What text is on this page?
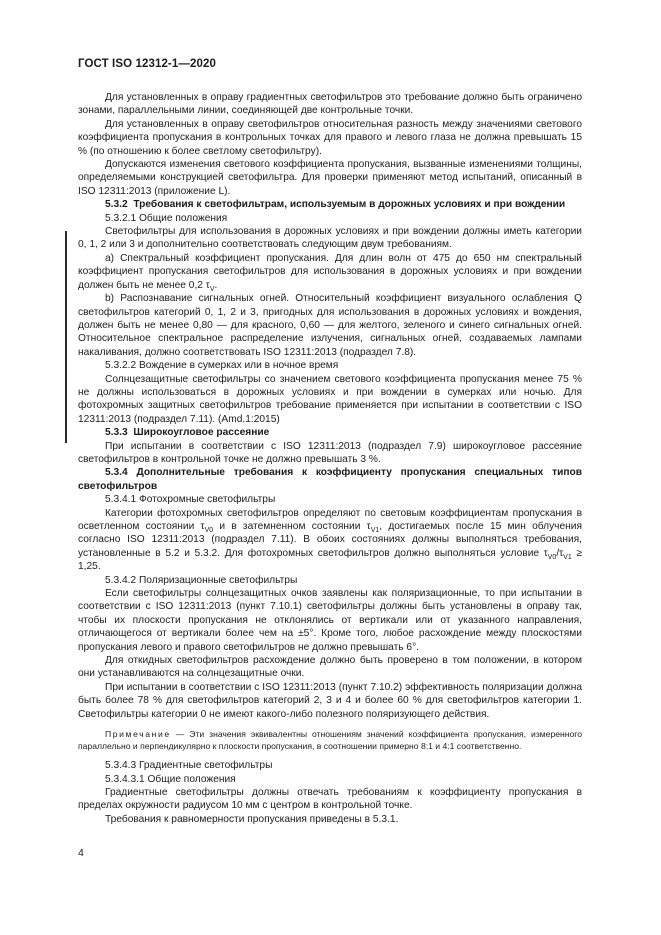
ГОСТ ISO 12312-1—2020

Для установленных в оправу градиентных светофильтров это требование должно быть ограничено зонами, параллельными линии, соединяющей две контрольные точки.

Для установленных в оправу светофильтров относительная разность между значениями светового коэффициента пропускания в контрольных точках для правого и левого глаза не должна превышать 15 % (по отношению к более светлому светофильтру).

Допускаются изменения светового коэффициента пропускания, вызванные изменениями толщины, определяемыми конструкцией светофильтра. Для проверки применяют метод испытаний, описанный в ISO 12311:2013 (приложение L).

5.3.2 Требования к светофильтрам, используемым в дорожных условиях и при вождении

5.3.2.1 Общие положения

Светофильтры для использования в дорожных условиях и при вождении должны иметь категории 0, 1, 2 или 3 и дополнительно соответствовать следующим двум требованиям.

a) Спектральный коэффициент пропускания. Для длин волн от 475 до 650 нм спектральный коэффициент пропускания светофильтров для использования в дорожных условиях и при вождении должен быть не менее 0,2 $\tau_V$.

b) Распознавание сигнальных огней. Относительный коэффициент визуального ослабления Q светофильтров категорий 0, 1, 2 и 3, пригодных для использования в дорожных условиях и вождения, должен быть не менее 0,80 — для красного, 0,60 — для желтого, зеленого и синего сигнальных огней. Относительное спектральное распределение излучения, сигнальных огней, создаваемых лампами накаливания, должно соответствовать ISO 12311:2013 (подраздел 7.8).

5.3.2.2 Вождение в сумерках или в ночное время

Солнцезащитные светофильтры со значением светового коэффициента пропускания менее 75 % не должны использоваться в дорожных условиях и при вождении в сумерках или ночью. Для фотохромных защитных светофильтров требование применяется при испытании в соответствии с ISO 12311:2013 (подраздел 7.11). (Amd.1:2015)

5.3.3 Широкоугловое рассеяние

При испытании в соответствии с ISO 12311:2013 (подраздел 7.9) широкоугловое рассеяние светофильтров в контрольной точке не должно превышать 3 %.

5.3.4 Дополнительные требования к коэффициенту пропускания специальных типов светофильтров

5.3.4.1 Фотохромные светофильтры

Категории фотохромных светофильтров определяют по световым коэффициентам пропускания в осветленном состоянии $\tau_{V0}$ и в затемненном состоянии $\tau_{V1}$, достигаемых после 15 мин облучения согласно ISO 12311:2013 (подраздел 7.11). В обоих состояниях должны выполняться требования, установленные в 5.2 и 5.3.2. Для фотохромных светофильтров должно выполняться условие $\tau_{V0}/\tau_{V1} \ge 1,25$.

5.3.4.2 Поляризационные светофильтры

Если светофильтры солнцезащитных очков заявлены как поляризационные, то при испытании в соответствии с ISO 12311:2013 (пункт 7.10.1) светофильтры должны быть установлены в оправу так, чтобы их плоскости пропускания не отклонялись от вертикали или от указанного направления, отличающегося от вертикали более чем на ±5°. Кроме того, любое расхождение между плоскостями пропускания левого и правого светофильтров не должно превышать 6°.

Для откидных светофильтров расхождение должно быть проверено в том положении, в котором они устанавливаются на солнцезащитные очки.

При испытании в соответствии с ISO 12311:2013 (пункт 7.10.2) эффективность поляризации должна быть более 78 % для светофильтров категорий 2, 3 и 4 и более 60 % для светофильтров категории 1. Светофильтры категории 0 не имеют какого-либо полезного поляризующего действия.

Примечание — Эти значения эквивалентны отношениям значений коэффициента пропускания, измеренного параллельно и перпендикулярно к плоскости пропускания, в соотношении примерно 8:1 и 4:1 соответственно.

5.3.4.3 Градиентные светофильтры

5.3.4.3.1 Общие положения

Градиентные светофильтры должны отвечать требованиям к коэффициенту пропускания в пределах окружности радиусом 10 мм с центром в контрольной точке.

Требования к равномерности пропускания приведены в 5.3.1.

4
